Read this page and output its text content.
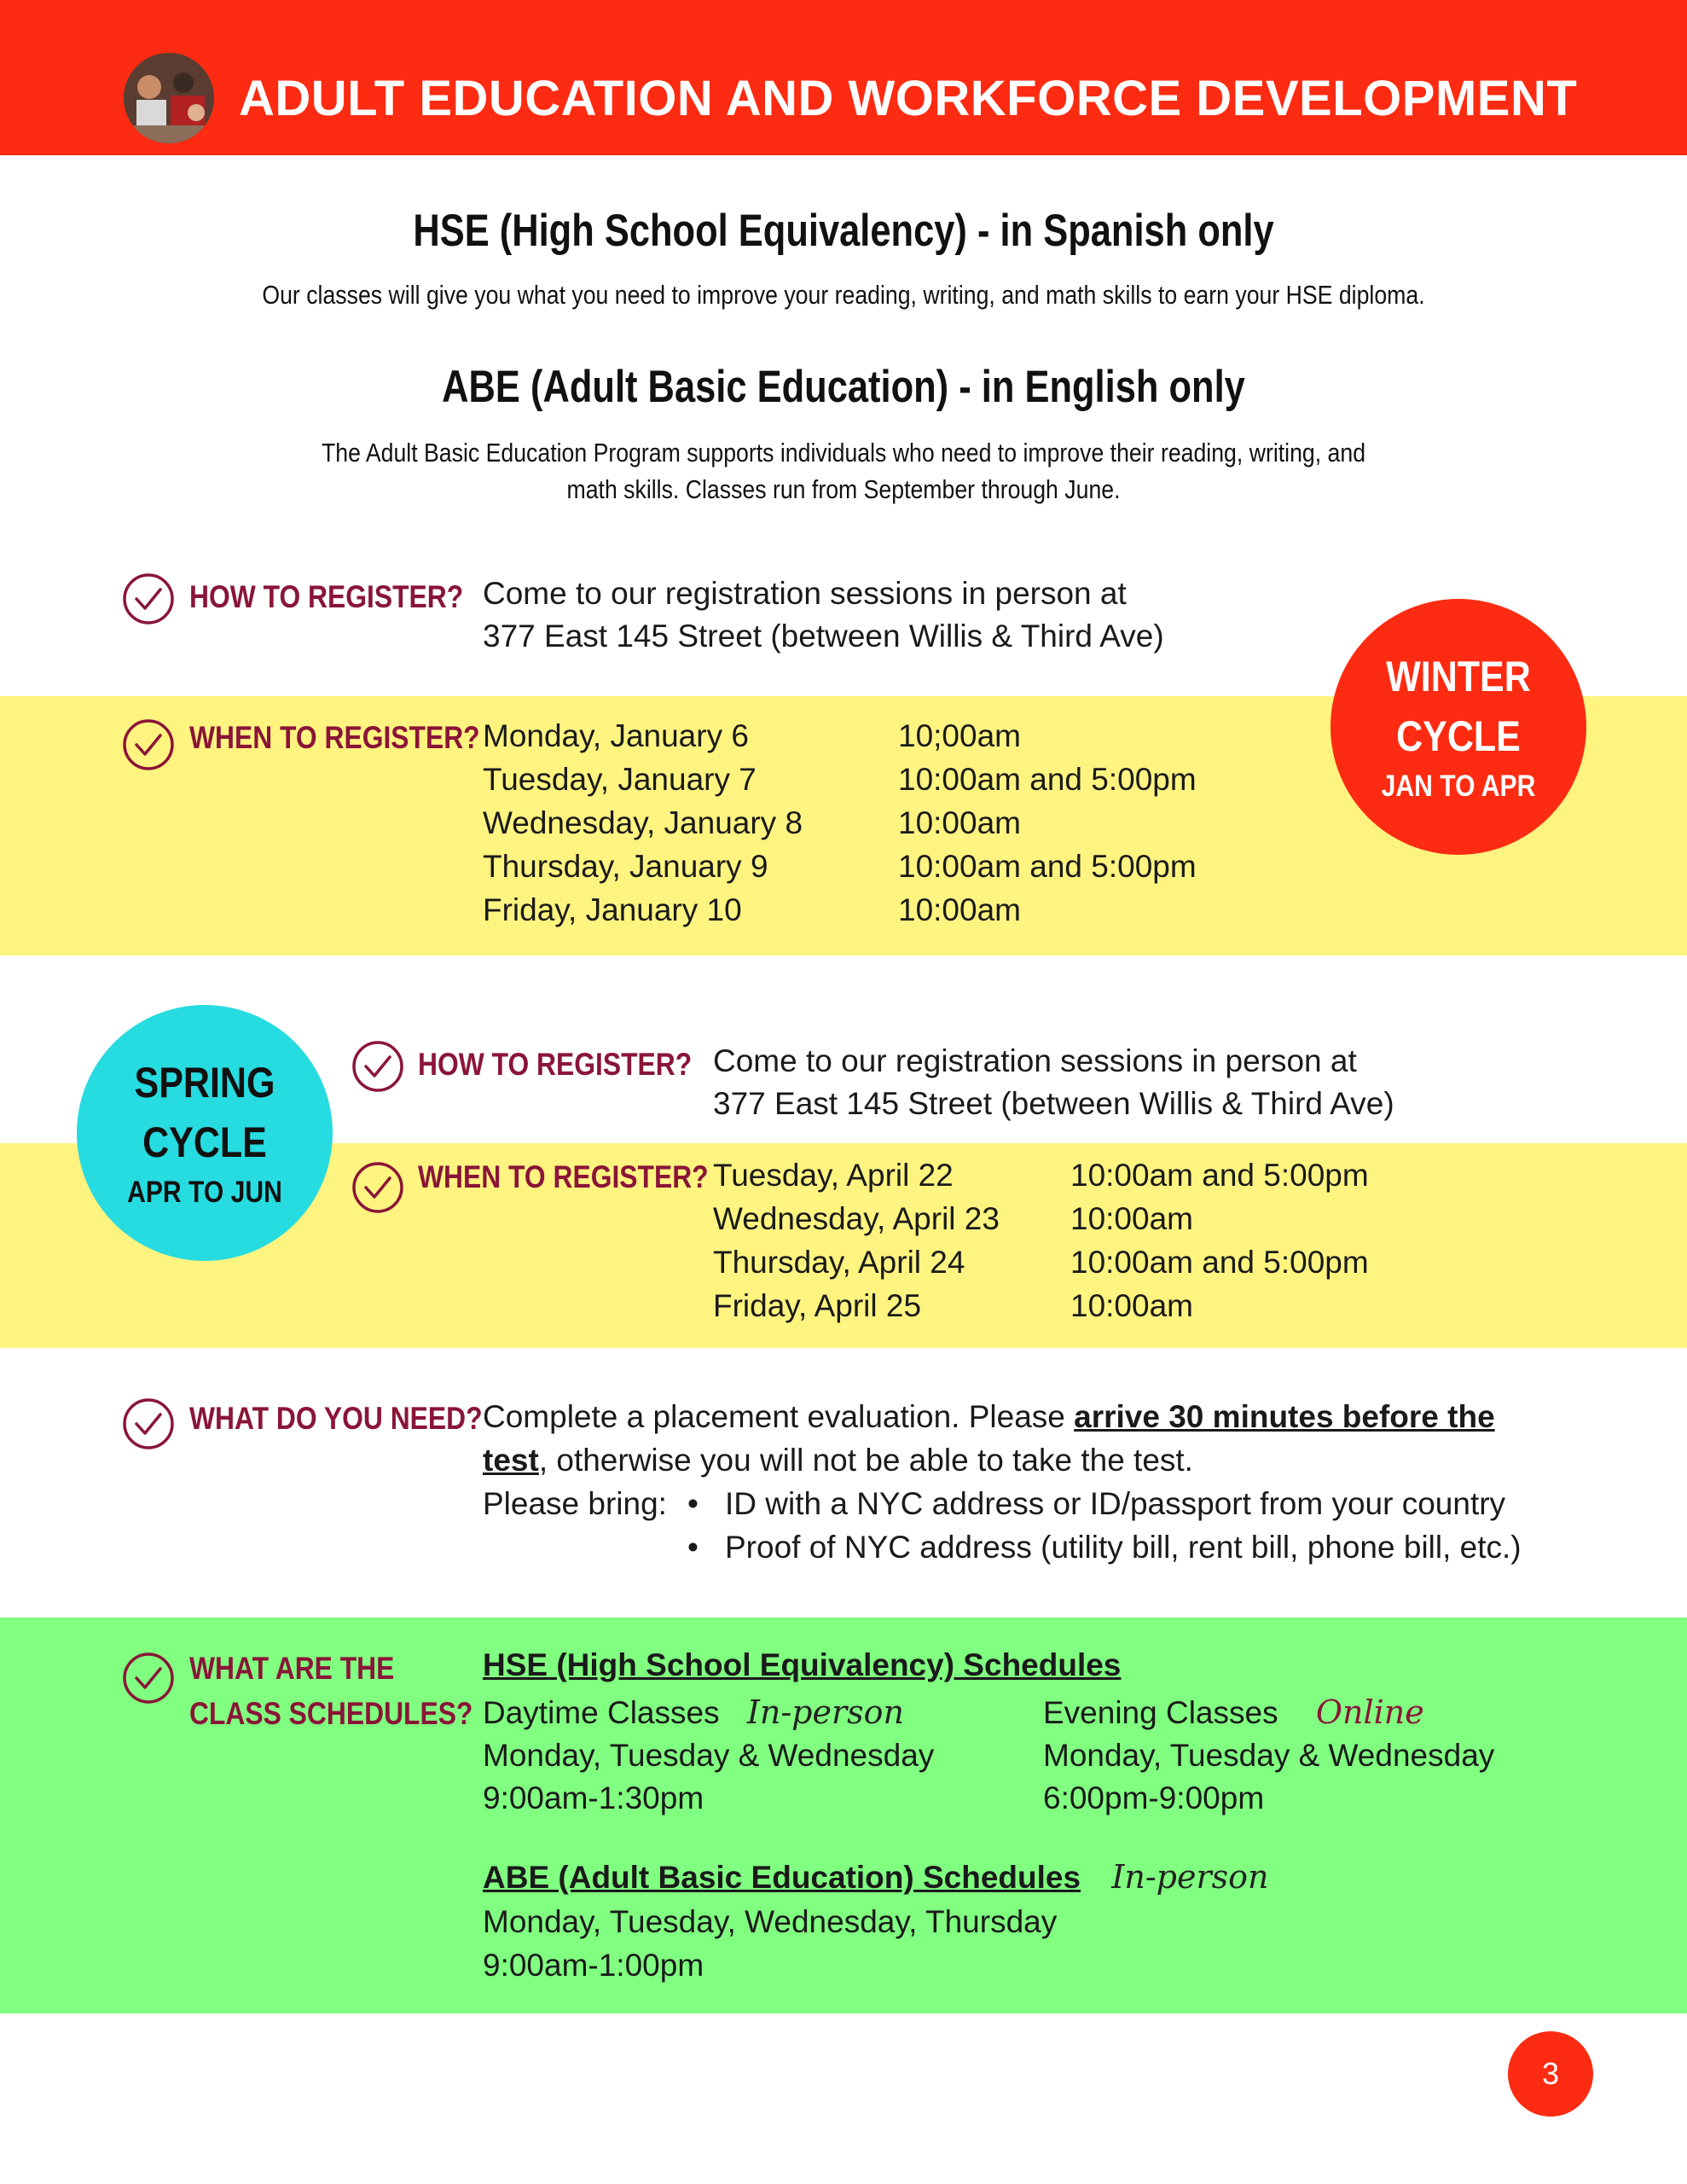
ADULT EDUCATION AND WORKFORCE DEVELOPMENT
HSE (High School Equivalency) - in Spanish only
Our classes will give you what you need to improve your reading, writing, and math skills to earn your HSE diploma.
ABE (Adult Basic Education) - in English only
The Adult Basic Education Program supports individuals who need to improve their reading, writing, and
math skills. Classes run from September through June.
HOW TO REGISTER? Come to our registration sessions in person at
377 East 145 Street (between Willis & Third Ave)
WHEN TO REGISTER? Monday, January 6	10;00am
Tuesday, January 7	10:00am and 5:00pm
Wednesday, January 8	10:00am
Thursday, January 9	10:00am and 5:00pm
Friday, January 10	10:00am
WINTER
CYCLE
JAN TO APR
HOW TO REGISTER? Come to our registration sessions in person at
377 East 145 Street (between Willis & Third Ave)
WHEN TO REGISTER? Tuesday, April 22	10:00am and 5:00pm
Wednesday, April 23 10:00am
Thursday, April 24	10:00am and 5:00pm
Friday, April 25	10:00am
SPRING
CYCLE
APR TO JUN
WHAT DO YOU NEED? Complete a placement evaluation. Please arrive 30 minutes before the
test, otherwise you will not be able to take the test.
Please bring: • ID with a NYC address or ID/passport from your country
• Proof of NYC address (utility bill, rent bill, phone bill, etc.)
WHAT ARE THE
CLASS SCHEDULES?
HSE (High School Equivalency) Schedules
Daytime Classes In-person
Monday, Tuesday & Wednesday
9:00am-1:30pm
Evening Classes Online
Monday, Tuesday & Wednesday
6:00pm-9:00pm
ABE (Adult Basic Education) Schedules In-person
Monday, Tuesday, Wednesday, Thursday
9:00am-1:00pm
3
